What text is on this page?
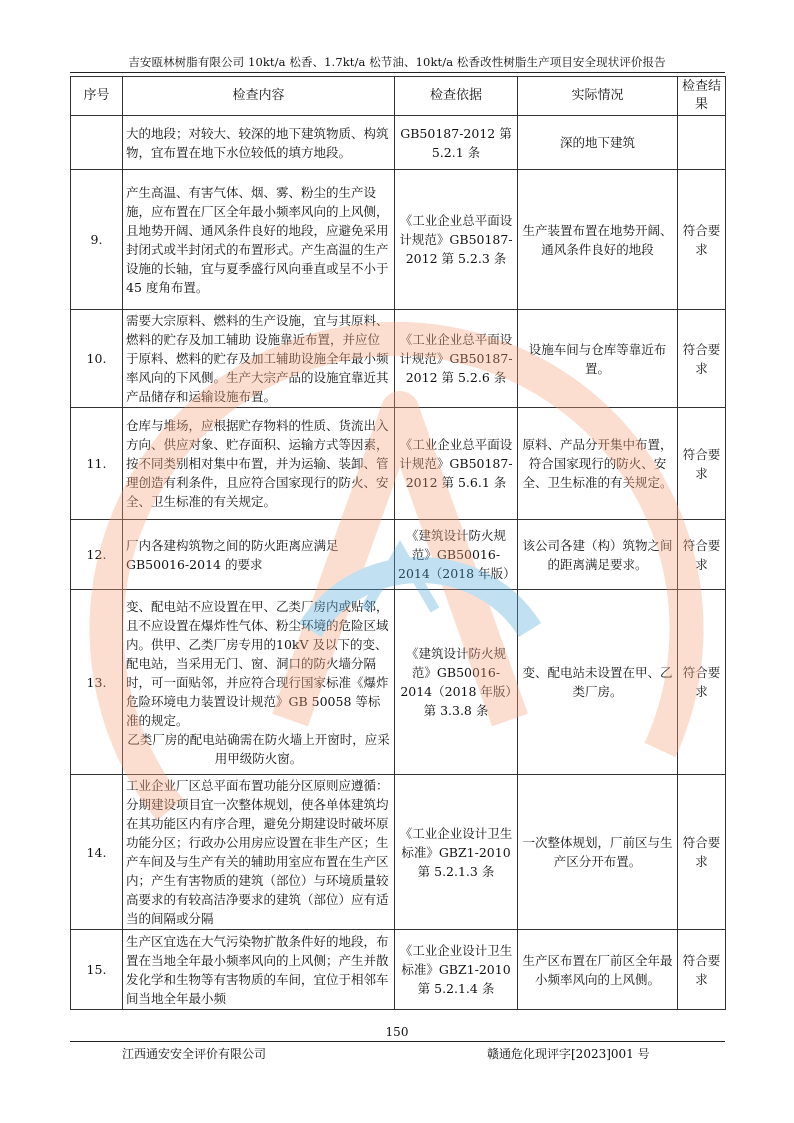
吉安瓯林树脂有限公司 10kt/a 松香、1.7kt/a 松节油、10kt/a 松香改性树脂生产项目安全现状评价报告
序号	检查内容	检查依据	实际情况	检查结果

	大的地段；对较大、较深的地下建筑物质、构筑物，宜布置在地下水位较低的填方地段。	GB50187-2012 第 5.2.1 条	深的地下建筑	
9.	产生高温、有害气体、烟、雾、粉尘的生产设施，应布置在厂区全年最小频率风向的上风侧，且地势开阔、通风条件良好的地段，应避免采用封闭式或半封闭式的布置形式。产生高温的生产设施的长轴，宜与夏季盛行风向垂直或呈不小于 45 度角布置。	《工业企业总平面设计规范》GB50187-2012 第 5.2.3 条	生产装置布置在地势开阔、通风条件良好的地段	符合要求
10.	需要大宗原料、燃料的生产设施，宜与其原料、燃料的贮存及加工辅助 设施靠近布置，并应位于原料、燃料的贮存及加工辅助设施全年最小频率风向的下风侧。生产大宗产品的设施宜靠近其产品储存和运输设施布置。	《工业企业总平面设计规范》GB50187-2012 第 5.2.6 条	设施车间与仓库等靠近布置。	符合要求
11.	仓库与堆场，应根据贮存物料的性质、货流出入方向、供应对象、贮存面积、运输方式等因素，按不同类别相对集中布置，并为运输、装卸、管理创造有利条件，且应符合国家现行的防火、安全、卫生标准的有关规定。	《工业企业总平面设计规范》GB50187-2012 第 5.6.1 条	原料、产品分开集中布置，符合国家现行的防火、安全、卫生标准的有关规定。	符合要求
12.	厂内各建构筑物之间的防火距离应满足GB50016-2014 的要求	《建筑设计防火规范》GB50016-2014（2018 年版）	该公司各建（构）筑物之间的距离满足要求。	符合要求
13.	变、配电站不应设置在甲、乙类厂房内或贴邻，且不应设置在爆炸性气体、粉尘环境的危险区域内。供甲、乙类厂房专用的10kV 及以下的变、配电站，当采用无门、窗、洞口的防火墙分隔时，可一面贴邻，并应符合现行国家标准《爆炸危险环境电力装置设计规范》GB 50058 等标准的规定。
乙类厂房的配电站确需在防火墙上开窗时，应采用甲级防火窗。	《建筑设计防火规范》GB50016-2014（2018 年版）第 3.3.8 条	变、配电站未设置在甲、乙类厂房。	符合要求
14.	工业企业厂区总平面布置功能分区原则应遵循：分期建设项目宜一次整体规划，使各单体建筑均在其功能区内有序合理，避免分期建设时破坏原功能分区；行政办公用房应设置在非生产区；生产车间及与生产有关的辅助用室应布置在生产区内；产生有害物质的建筑（部位）与环境质量较高要求的有较高洁净要求的建筑（部位）应有适当的间隔或分隔	《工业企业设计卫生标准》GBZ1-2010 第 5.2.1.3 条	一次整体规划，厂前区与生产区分开布置。	符合要求
15.	生产区宜选在大气污染物扩散条件好的地段，布置在当地全年最小频率风向的上风侧；产生并散发化学和生物等有害物质的车间，宜位于相邻车间当地全年最小频	《工业企业设计卫生标准》GBZ1-2010 第 5.2.1.4 条	生产区布置在厂前区全年最小频率风向的上风侧。	符合要求
150
江西通安安全评价有限公司	赣通危化现评字[2023]001 号
